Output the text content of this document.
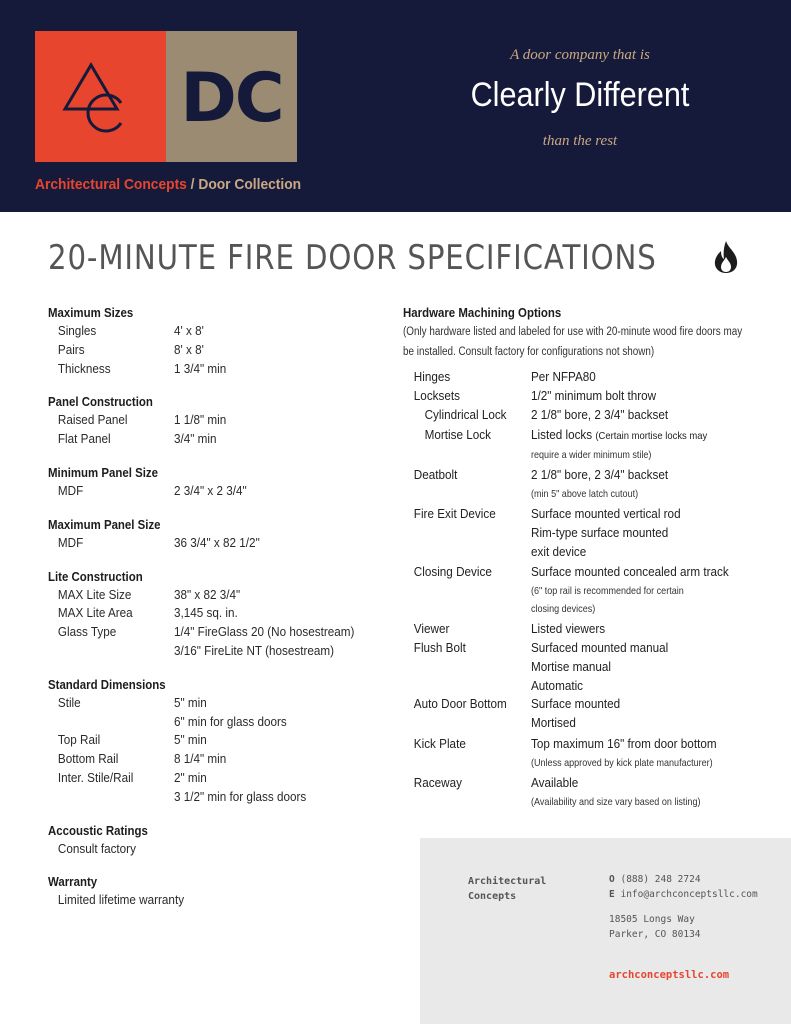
DC
Architectural Concepts / Door Collection
A door company that is
Clearly Different
than the rest
20-MINUTE FIRE DOOR SPECIFICATIONS
Maximum Sizes
Singles	4' x 8'
Pairs	8' x 8'
Thickness	1 3/4" min
Panel Construction
Raised Panel	1 1/8" min
Flat Panel	3/4" min
Minimum Panel Size
MDF	2 3/4" x 2 3/4"
Maximum Panel Size
MDF	36 3/4" x 82 1/2"
Lite Construction
MAX Lite Size	38" x 82 3/4"
MAX Lite Area	3,145 sq. in.
Glass Type	1/4" FireGlass 20 (No hosestream)
3/16" FireLite NT (hosestream)
Standard Dimensions
Stile	5" min
6" min for glass doors
Top Rail	5" min
Bottom Rail	8 1/4" min
Inter. Stile/Rail	2" min
3 1/2" min for glass doors
Accoustic Ratings
Consult factory
Warranty
Limited lifetime warranty
Hardware Machining Options
(Only hardware listed and labeled for use with 20-minute wood fire doors may
be installed. Consult factory for configurations not shown)
Hinges	Per NFPA80
Locksets	1/2" minimum bolt throw
Cylindrical Lock	2 1/8" bore, 2 3/4" backset
Mortise Lock	Listed locks (Certain mortise locks may
require a wider minimum stile)
Deatbolt	2 1/8" bore, 2 3/4" backset
(min 5" above latch cutout)
Fire Exit Device	Surface mounted vertical rod
Rim-type surface mounted
exit device
Closing Device	Surface mounted concealed arm track
(6" top rail is recommended for certain
closing devices)
Viewer	Listed viewers
Flush Bolt	Surfaced mounted manual
Mortise manual
Automatic
Auto Door Bottom	Surface mounted
Mortised
Kick Plate	Top maximum 16" from door bottom
(Unless approved by kick plate manufacturer)
Raceway	Available
(Availability and size vary based on listing)
Architectural
Concepts
O (888) 248 2724
E info@archconceptsllc.com
18505 Longs Way
Parker, CO 80134
archconceptsllc.com
